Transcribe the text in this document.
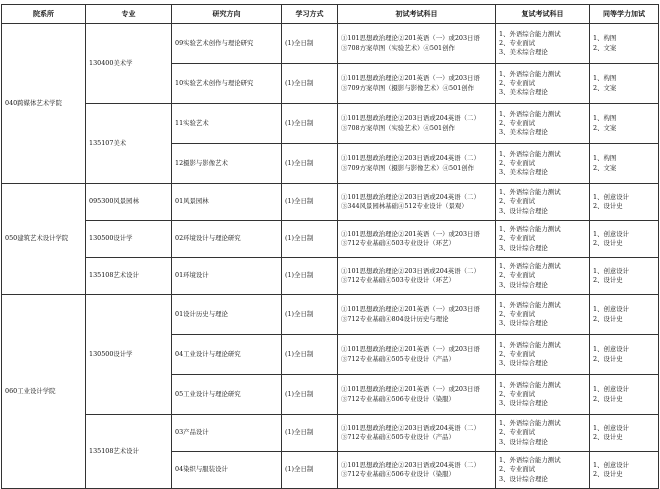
院系所	专业	研究方向	学习方式	初试考试科目	复试考试科目	同等学力加试
040跨媒体艺术学院	130400美术学	09实验艺术创作与理论研究	(1)全日制	①101思想政治理论②201英语（一）或203日语
③708方案草图（实验艺术）④501创作	1、外语综合能力测试
2、专业面试
3、美术综合理论	1、构图
2、文案
		10实验艺术创作与理论研究	(1)全日制	①101思想政治理论②201英语（一）或203日语
③709方案草图（摄影与影像艺术）④501创作	1、外语综合能力测试
2、专业面试
3、美术综合理论	1、构图
2、文案
	135107美术	11实验艺术	(1)全日制	①101思想政治理论②203日语或204英语（二）
③708方案草图（实验艺术）④501创作	1、外语综合能力测试
2、专业面试
3、美术综合理论	1、构图
2、文案
		12摄影与影像艺术	(1)全日制	①101思想政治理论②203日语或204英语（二）
③709方案草图（摄影与影像艺术）④501创作	1、外语综合能力测试
2、专业面试
3、美术综合理论	1、构图
2、文案
050建筑艺术设计学院	095300风景园林	01风景园林	(1)全日制	①101思想政治理论②203日语或204英语（二）
③344风景园林基础④512专业设计（景观）	1、外语综合能力测试
2、专业面试
3、设计综合理论	1、创意设计
2、设计史
	130500设计学	02环境设计与理论研究	(1)全日制	①101思想政治理论②201英语（一）或203日语
③712专业基础④503专业设计（环艺）	1、外语综合能力测试
2、专业面试
3、设计综合理论	1、创意设计
2、设计史
	135108艺术设计	01环境设计	(1)全日制	①101思想政治理论②203日语或204英语（二）
③712专业基础④503专业设计（环艺）	1、外语综合能力测试
2、专业面试
3、设计综合理论	1、创意设计
2、设计史
060工业设计学院	130500设计学	01设计历史与理论	(1)全日制	①101思想政治理论②201英语（一）或203日语
③712专业基础④804设计历史与理论	1、外语综合能力测试
2、专业面试
3、设计综合理论	1、创意设计
2、设计史
		04工业设计与理论研究	(1)全日制	①101思想政治理论②201英语（一）或203日语
③712专业基础④505专业设计（产品）	1、外语综合能力测试
2、专业面试
3、设计综合理论	1、创意设计
2、设计史
		05工业设计与理论研究	(1)全日制	①101思想政治理论②201英语（一）或203日语
③712专业基础④506专业设计（染服）	1、外语综合能力测试
2、专业面试
3、设计综合理论	1、创意设计
2、设计史
	135108艺术设计	03产品设计	(1)全日制	①101思想政治理论②203日语或204英语（二）
③712专业基础④505专业设计（产品）	1、外语综合能力测试
2、专业面试
3、设计综合理论	1、创意设计
2、设计史
		04染织与服装设计	(1)全日制	①101思想政治理论②203日语或204英语（二）
③712专业基础④506专业设计（染服）	1、外语综合能力测试
2、专业面试
3、设计综合理论	1、创意设计
2、设计史
